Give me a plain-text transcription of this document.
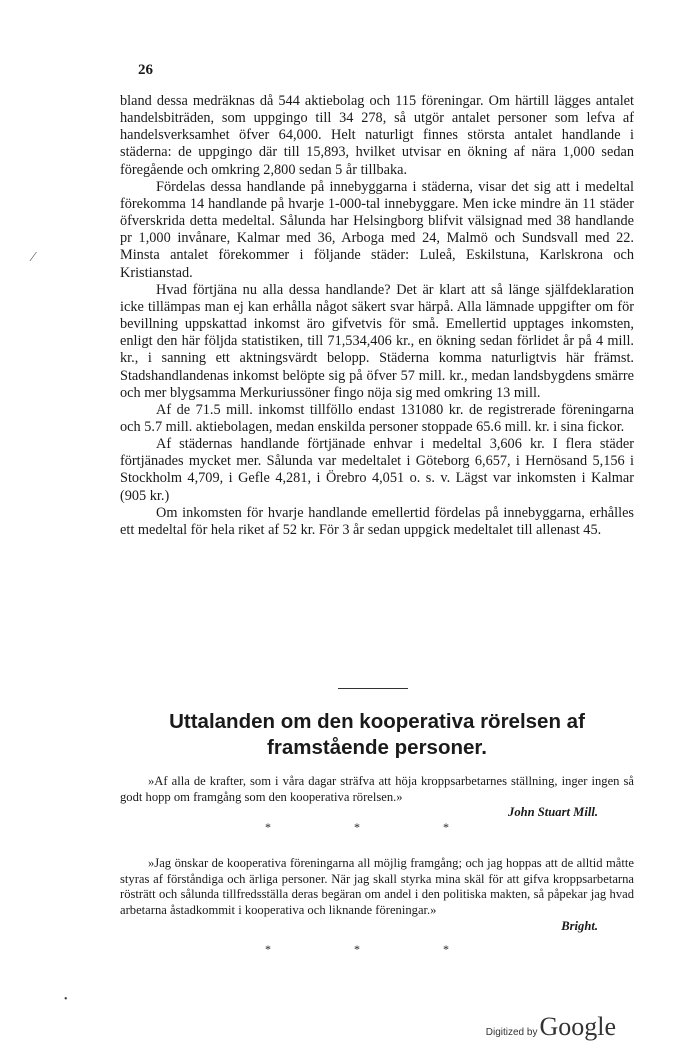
26
⁄

bland dessa medräknas då 544 aktiebolag och 115 föreningar. Om härtill lägges antalet handelsbiträden, som uppgingo till 34 278, så utgör antalet personer som lefva af handelsverksamhet öfver 64,000. Helt naturligt finnes största antalet handlande i städerna: de uppgingo där till 15,893, hvilket utvisar en ökning af nära 1,000 sedan föregående och omkring 2,800 sedan 5 år tillbaka.

Fördelas dessa handlande på innebyggarna i städerna, visar det sig att i medeltal förekomma 14 handlande på hvarje 1-000-tal innebyggare. Men icke mindre än 11 städer öfverskrida detta medeltal. Sålunda har Helsingborg blifvit välsignad med 38 handlande pr 1,000 invånare, Kalmar med 36, Arboga med 24, Malmö och Sundsvall med 22. Minsta antalet förekommer i följande städer: Luleå, Eskilstuna, Karlskrona och Kristianstad.

Hvad förtjäna nu alla dessa handlande? Det är klart att så länge själfdeklaration icke tillämpas man ej kan erhålla något säkert svar härpå. Alla lämnade uppgifter om för bevillning uppskattad inkomst äro gifvetvis för små. Emellertid upptages inkomsten, enligt den här följda statistiken, till 71,534,406 kr., en ökning sedan förlidet år på 4 mill. kr., i sanning ett aktningsvärdt belopp. Städerna komma naturligtvis här främst. Stadshandlandenas inkomst belöpte sig på öfver 57 mill. kr., medan landsbygdens smärre och mer blygsamma Merkuriussöner fingo nöja sig med omkring 13 mill.

Af de 71.5 mill. inkomst tillföllo endast 131080 kr. de registrerade föreningarna och 5.7 mill. aktiebolagen, medan enskilda personer stoppade 65.6 mill. kr. i sina fickor.

Af städernas handlande förtjänade enhvar i medeltal 3,606 kr. I flera städer förtjänades mycket mer. Sålunda var medeltalet i Göteborg 6,657, i Hernösand 5,156 i Stockholm 4,709, i Gefle 4,281, i Örebro 4,051 o. s. v. Lägst var inkomsten i Kalmar (905 kr.)

Om inkomsten för hvarje handlande emellertid fördelas på innebyggarna, erhålles ett medeltal för hela riket af 52 kr. För 3 år sedan uppgick medeltalet till allenast 45.

Uttalanden om den kooperativa rörelsen af framstående personer.

»Af alla de krafter, som i våra dagar sträfva att höja kroppsarbetarnes ställning, inger ingen så godt hopp om framgång som den kooperativa rörelsen.»

John Stuart Mill.

* * *

»Jag önskar de kooperativa föreningarna all möjlig framgång; och jag hoppas att de alltid måtte styras af förståndiga och ärliga personer. När jag skall styrka mina skäl för att gifva kroppsarbetarna rösträtt och sålunda tillfredsställa deras begäran om andel i den politiska makten, så påpekar jag hvad arbetarna åstadkommit i kooperativa och liknande föreningar.»

Bright.

* * *
•
Digitized by Google
